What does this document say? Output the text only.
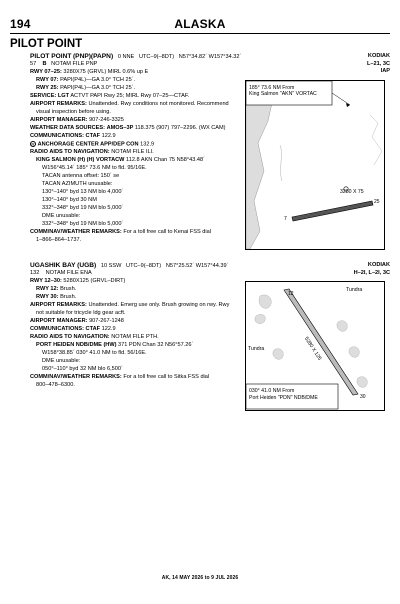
194	ALASKA
PILOT POINT
PILOT POINT (PNP)(PAPN) 0 NNE UTC–9(–8DT) N57°34.82´ W157°34.32´
57 B NOTAM FILE PNP
KODIAK
L–21, 3C
IAP
RWY 07–25: 3280X75 (GRVL) MIRL 0.6% up E
RWY 07: PAPI(P4L)—GA 3.0° TCH 25´.
RWY 25: PAPI(P4L)—GA 3.0° TCH 25´.
SERVICE: LGT ACTVT PAPI Rwy 25; MIRL Rwy 07–25—CTAF.
AIRPORT REMARKS: Unattended. Rwy conditions not monitored. Recommend
visual inspection before using.
AIRPORT MANAGER: 907-246-3325
WEATHER DATA SOURCES: AMOS–3P 118.375 (907) 797–2296. (WX CAM)
COMMUNICATIONS: CTAF 122.9
R ANCHORAGE CENTER APP/DEP CON 132.9
RADIO AIDS TO NAVIGATION: NOTAM FILE ILI.
KING SALMON (H) (H) VORTACW 112.8 AKN Chan 75 N58°43.48´
W156°45.14´ 185° 73.6 NM to fld. 95/16E.
TACAN antenna offset: 150´ se
TACAN AZIMUTH unusable:
130°–140° byd 13 NM blo 4,000´
130°–140° byd 30 NM
332°–348° byd 19 NM blo 5,000´
DME unusable:
332°–348° byd 19 NM blo 5,000´
COMM/NAV/WEATHER REMARKS: For a toll free call to Kenai FSS dial
1–866–864–1737.
185° 73.6 NM From
King Salmon "AKN" VORTAC
3280 X 75
7
25
UGASHIK BAY (UGB) 10 SSW UTC–9(–8DT) N57°25.52´ W157°44.39´
132 NOTAM FILE ENA
KODIAK
H–2I, L–2I, 3C
RWY 12–30: 5280X125 (GRVL–DIRT)
RWY 12: Brush.
RWY 30: Brush.
AIRPORT REMARKS: Unattended. Emerg use only. Brush growing on rwy. Rwy
not suitable for tricycle ldg gear acft.
AIRPORT MANAGER: 907-267-1248
COMMUNICATIONS: CTAF 122.9
RADIO AIDS TO NAVIGATION: NOTAM FILE PTH.
PORT HEIDEN NDB/DME (HW) 371 PDN Chan 32 N56°57.26´
W158°38.85´ 030° 41.0 NM to fld. 56/16E.
DME unusable:
050°–110° byd 32 NM blo 6,500´
COMM/NAV/WEATHER REMARKS: For a toll free call to Sitka FSS dial
800–478–6300.
Tundra
Tundra	5280 X 125
12
30
030° 41.0 NM From
Port Heiden "PDN" NDB/DME
AK, 14 MAY 2026 to 9 JUL 2026
